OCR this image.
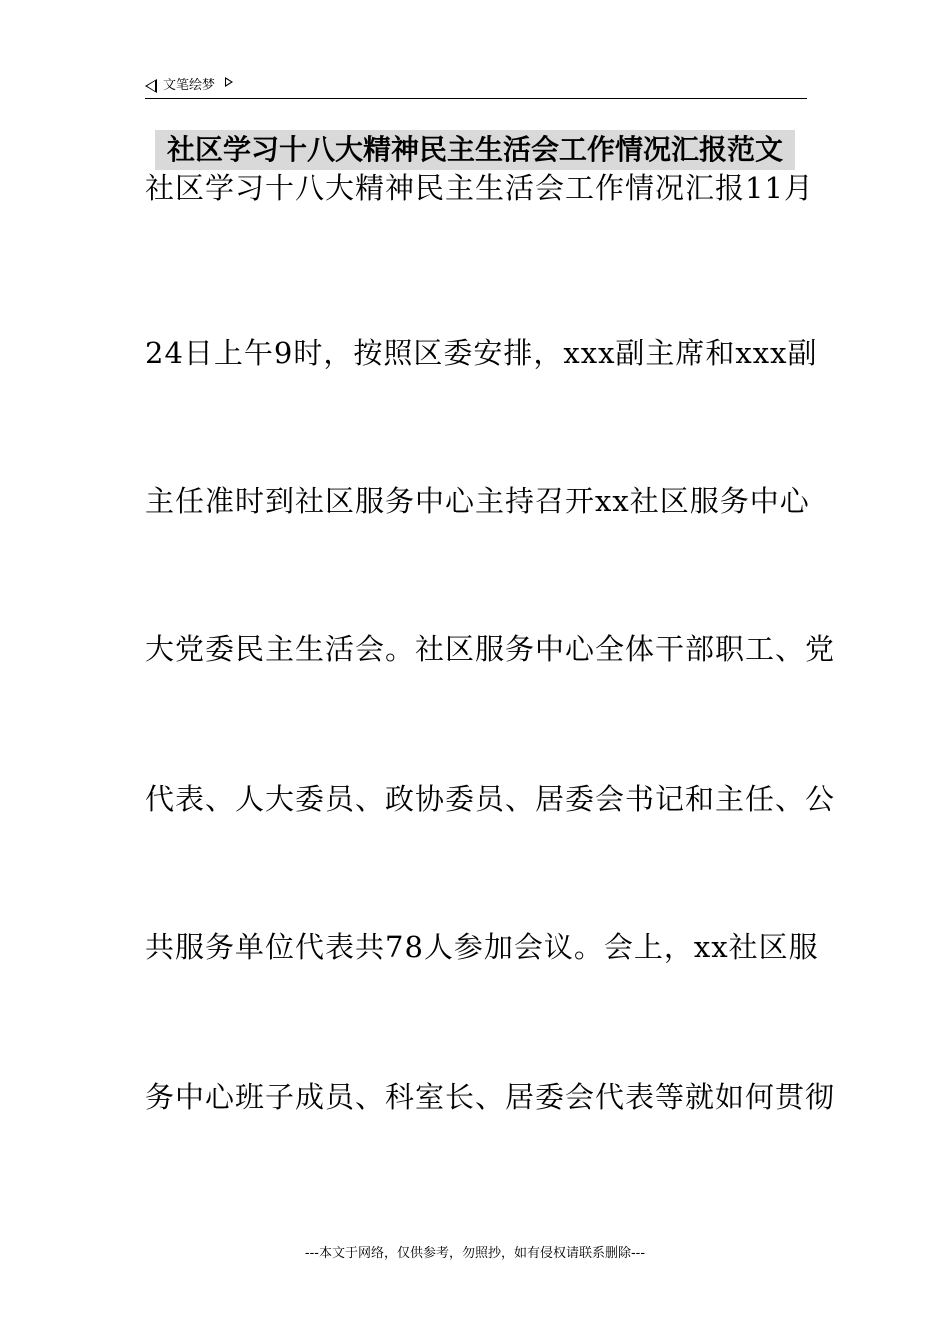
文笔绘梦
社区学习十八大精神民主生活会工作情况汇报范文
社区学习十八大精神民主生活会工作情况汇报11月
24日上午9时，按照区委安排，xxx副主席和xxx副
主任准时到社区服务中心主持召开xx社区服务中心
大党委民主生活会。社区服务中心全体干部职工、党
代表、人大委员、政协委员、居委会书记和主任、公
共服务单位代表共78人参加会议。会上，xx社区服
务中心班子成员、科室长、居委会代表等就如何贯彻
---本文于网络，仅供参考，勿照抄，如有侵权请联系删除---
